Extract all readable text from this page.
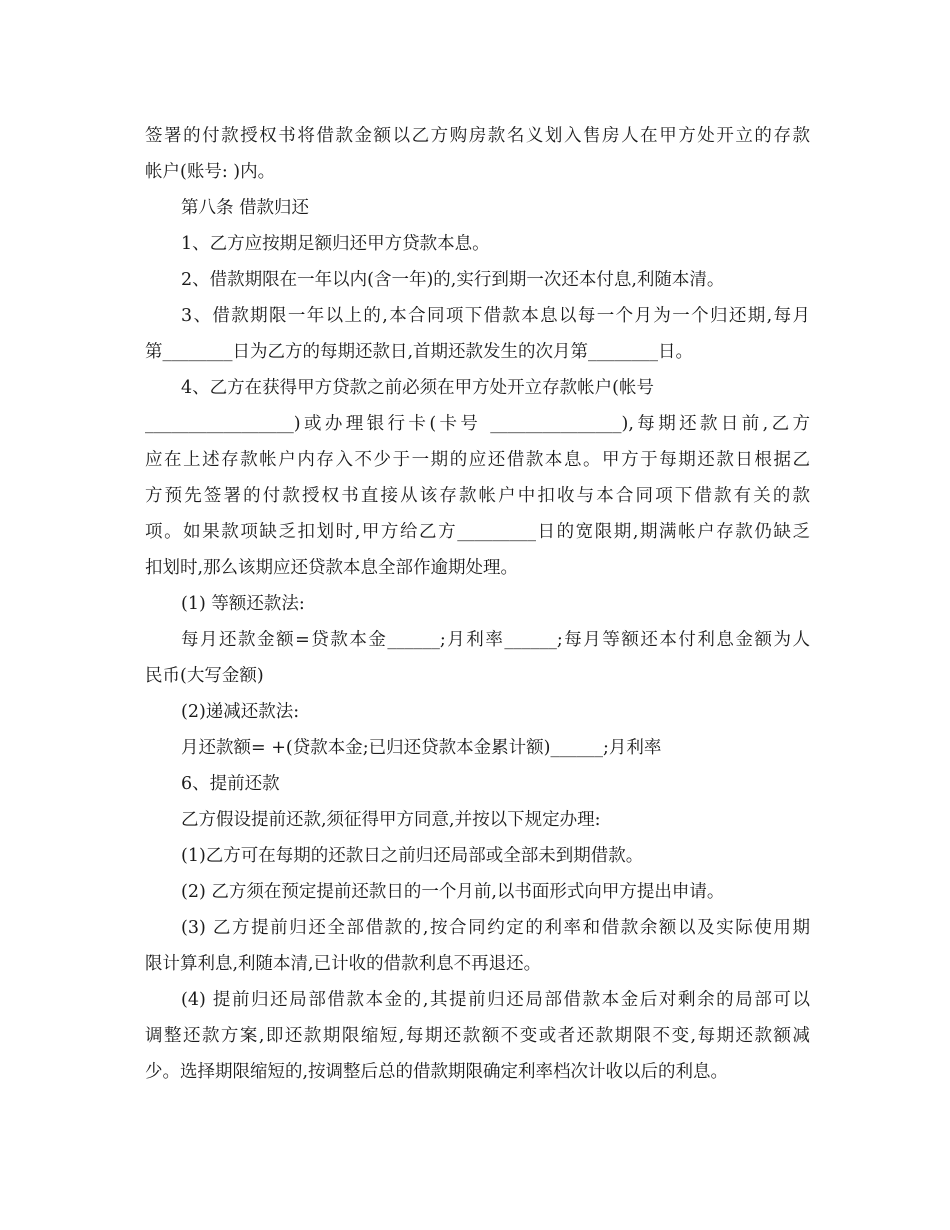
签署的付款授权书将借款金额以乙方购房款名义划入售房人在甲方处开立的存款

帐户(账号: )内。

第八条 借款归还

1、乙方应按期足额归还甲方贷款本息。

2、借款期限在一年以内(含一年)的,实行到期一次还本付息,利随本清。

3、借款期限一年以上的,本合同项下借款本息以每一个月为一个归还期,每月

第________日为乙方的每期还款日,首期还款发生的次月第________日。

4、乙方在获得甲方贷款之前必须在甲方处开立存款帐户(帐号

_________________)或办理银行卡(卡号 _______________),每期还款日前,乙方

应在上述存款帐户内存入不少于一期的应还借款本息。甲方于每期还款日根据乙

方预先签署的付款授权书直接从该存款帐户中扣收与本合同项下借款有关的款

项。如果款项缺乏扣划时,甲方给乙方_________日的宽限期,期满帐户存款仍缺乏

扣划时,那么该期应还贷款本息全部作逾期处理。

(1) 等额还款法:

每月还款金额=贷款本金______;月利率______;每月等额还本付利息金额为人

民币(大写金额)

(2)递减还款法:

月还款额= +(贷款本金;已归还贷款本金累计额)______;月利率

6、提前还款

乙方假设提前还款,须征得甲方同意,并按以下规定办理:

(1)乙方可在每期的还款日之前归还局部或全部未到期借款。

(2) 乙方须在预定提前还款日的一个月前,以书面形式向甲方提出申请。

(3) 乙方提前归还全部借款的,按合同约定的利率和借款余额以及实际使用期

限计算利息,利随本清,已计收的借款利息不再退还。

(4) 提前归还局部借款本金的,其提前归还局部借款本金后对剩余的局部可以

调整还款方案,即还款期限缩短,每期还款额不变或者还款期限不变,每期还款额减

少。选择期限缩短的,按调整后总的借款期限确定利率档次计收以后的利息。
